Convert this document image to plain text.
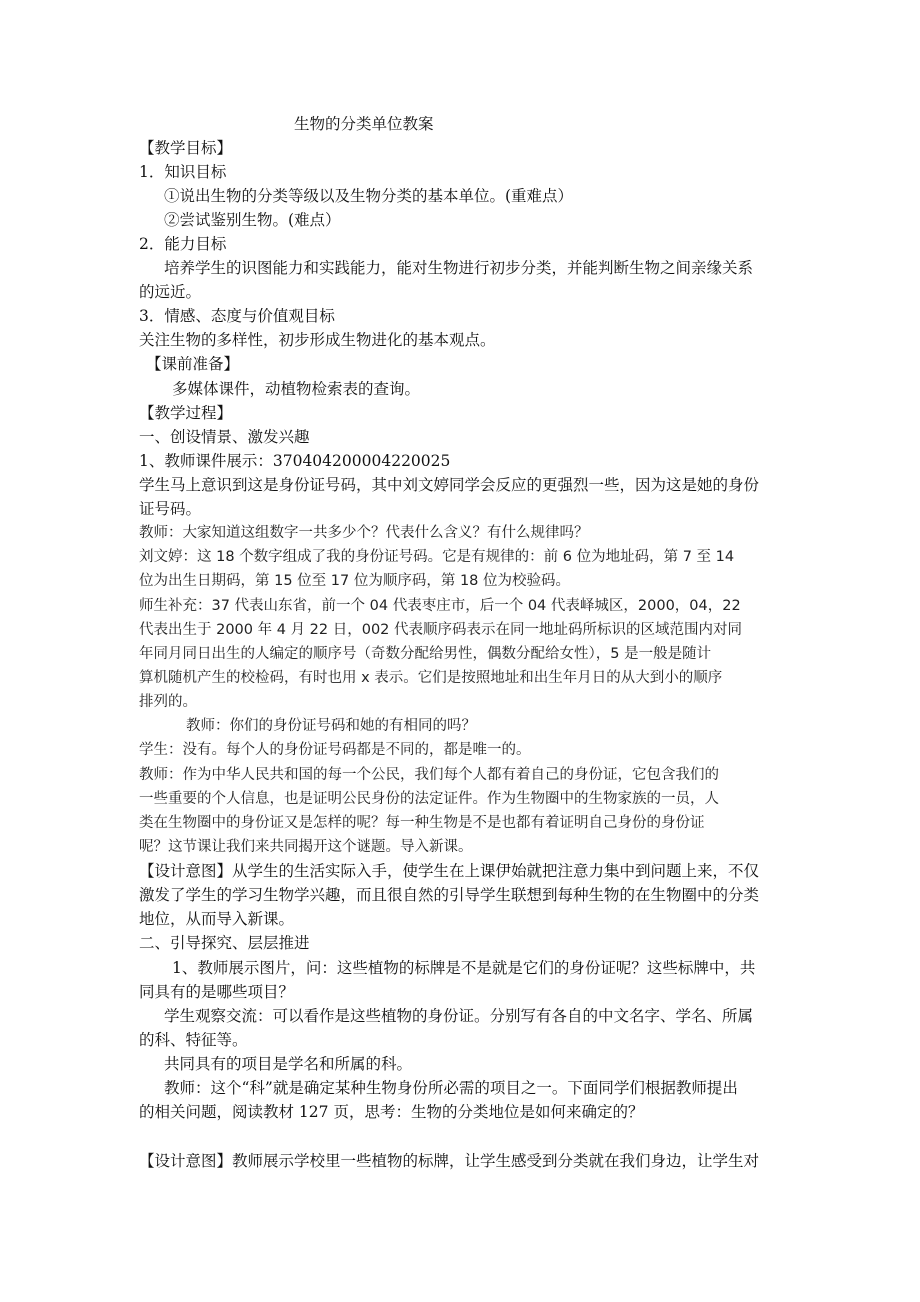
生物的分类单位教案
【教学目标】
1．知识目标
①说出生物的分类等级以及生物分类的基本单位。(重难点）
②尝试鉴别生物。(难点）
2．能力目标
培养学生的识图能力和实践能力，能对生物进行初步分类，并能判断生物之间亲缘关系
的远近。
3．情感、态度与价值观目标
关注生物的多样性，初步形成生物进化的基本观点。
【课前准备】
多媒体课件，动植物检索表的查询。
【教学过程】
一、创设情景、激发兴趣
1、教师课件展示：370404200004220025
学生马上意识到这是身份证号码，其中刘文婷同学会反应的更强烈一些，因为这是她的身份
证号码。
教师：大家知道这组数字一共多少个？代表什么含义？有什么规律吗？
刘文婷：这 18 个数字组成了我的身份证号码。它是有规律的：前 6 位为地址码，第 7 至 14
位为出生日期码，第 15 位至 17 位为顺序码，第 18 位为校验码。
师生补充：37 代表山东省，前一个 04 代表枣庄市，后一个 04 代表峄城区，2000，04，22
代表出生于 2000 年 4 月 22 日，002 代表顺序码表示在同一地址码所标识的区域范围内对同
年同月同日出生的人编定的顺序号（奇数分配给男性，偶数分配给女性），5 是一般是随计
算机随机产生的校检码，有时也用 x 表示。它们是按照地址和出生年月日的从大到小的顺序
排列的。
教师：你们的身份证号码和她的有相同的吗？
学生：没有。每个人的身份证号码都是不同的，都是唯一的。
教师：作为中华人民共和国的每一个公民，我们每个人都有着自己的身份证，它包含我们的
一些重要的个人信息，也是证明公民身份的法定证件。作为生物圈中的生物家族的一员，人
类在生物圈中的身份证又是怎样的呢？每一种生物是不是也都有着证明自己身份的身份证
呢？这节课让我们来共同揭开这个谜题。导入新课。
【设计意图】从学生的生活实际入手，使学生在上课伊始就把注意力集中到问题上来，不仅
激发了学生的学习生物学兴趣，而且很自然的引导学生联想到每种生物的在生物圈中的分类
地位，从而导入新课。
二、引导探究、层层推进
1、教师展示图片，问：这些植物的标牌是不是就是它们的身份证呢？这些标牌中，共
同具有的是哪些项目？
学生观察交流：可以看作是这些植物的身份证。分别写有各自的中文名字、学名、所属
的科、特征等。
共同具有的项目是学名和所属的科。
教师：这个“科”就是确定某种生物身份所必需的项目之一。下面同学们根据教师提出
的相关问题，阅读教材 127 页，思考：生物的分类地位是如何来确定的？
【设计意图】教师展示学校里一些植物的标牌，让学生感受到分类就在我们身边，让学生对
